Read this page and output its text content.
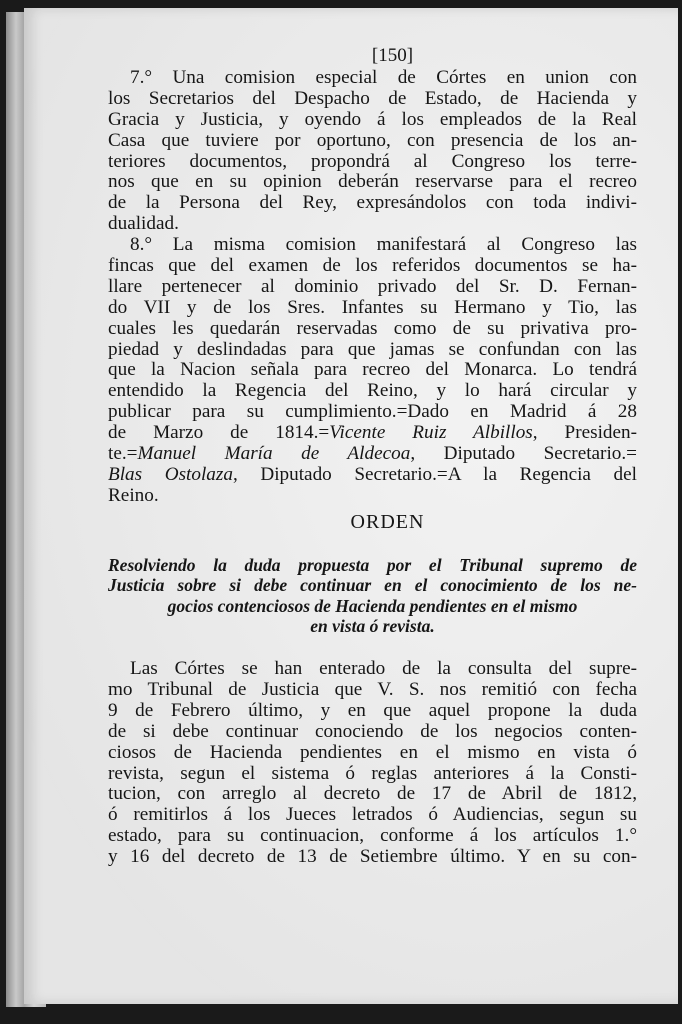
[150]
7.° Una comision especial de Córtes en union con
los Secretarios del Despacho de Estado, de Hacienda y
Gracia y Justicia, y oyendo á los empleados de la Real
Casa que tuviere por oportuno, con presencia de los an-
teriores documentos, propondrá al Congreso los terre-
nos que en su opinion deberán reservarse para el recreo
de la Persona del Rey, expresándolos con toda indivi-
dualidad.
8.° La misma comision manifestará al Congreso las
fincas que del examen de los referidos documentos se ha-
llare pertenecer al dominio privado del Sr. D. Fernan-
do VII y de los Sres. Infantes su Hermano y Tio, las
cuales les quedarán reservadas como de su privativa pro-
piedad y deslindadas para que jamas se confundan con las
que la Nacion señala para recreo del Monarca. Lo tendrá
entendido la Regencia del Reino, y lo hará circular y
publicar para su cumplimiento.=Dado en Madrid á 28
de Marzo de 1814.=Vicente Ruiz Albillos, Presiden-
te.=Manuel María de Aldecoa, Diputado Secretario.=
Blas Ostolaza, Diputado Secretario.=A la Regencia del
Reino.
ORDEN
Resolviendo la duda propuesta por el Tribunal supremo de
Justicia sobre si debe continuar en el conocimiento de los ne-
gocios contenciosos de Hacienda pendientes en el mismo
en vista ó revista.
Las Córtes se han enterado de la consulta del supre-
mo Tribunal de Justicia que V. S. nos remitió con fecha
9 de Febrero último, y en que aquel propone la duda
de si debe continuar conociendo de los negocios conten-
ciosos de Hacienda pendientes en el mismo en vista ó
revista, segun el sistema ó reglas anteriores á la Consti-
tucion, con arreglo al decreto de 17 de Abril de 1812,
ó remitirlos á los Jueces letrados ó Audiencias, segun su
estado, para su continuacion, conforme á los artículos 1.°
y 16 del decreto de 13 de Setiembre último. Y en su con-
